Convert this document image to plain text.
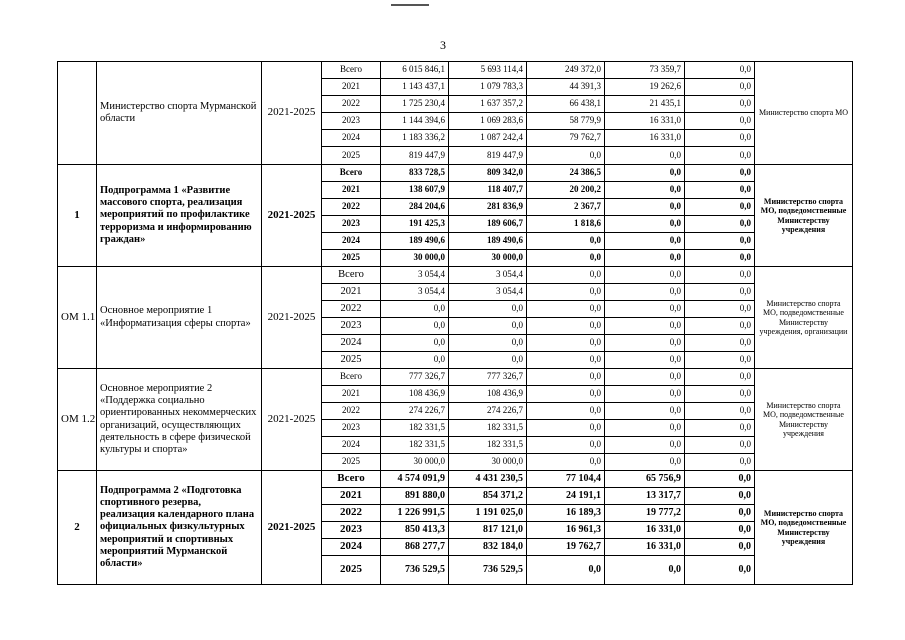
3
	Министерство спорта Мурманской области	2021-2025	Всего	6 015 846,1	5 693 114,4	249 372,0	73 359,7	0,0	Министерство спорта МО
			2021	1 143 437,1	1 079 783,3	44 391,3	19 262,6	0,0	
			2022	1 725 230,4	1 637 357,2	66 438,1	21 435,1	0,0	
			2023	1 144 394,6	1 069 283,6	58 779,9	16 331,0	0,0	
			2024	1 183 336,2	1 087 242,4	79 762,7	16 331,0	0,0	
			2025	819 447,9	819 447,9	0,0	0,0	0,0	
1	Подпрограмма 1 «Развитие массового спорта, реализация мероприятий по профилактике терроризма и информированию граждан»	2021-2025	Всего	833 728,5	809 342,0	24 386,5	0,0	0,0	Министерство спорта МО, подведомственные Министерству учреждения
			2021	138 607,9	118 407,7	20 200,2	0,0	0,0	
			2022	284 204,6	281 836,9	2 367,7	0,0	0,0	
			2023	191 425,3	189 606,7	1 818,6	0,0	0,0	
			2024	189 490,6	189 490,6	0,0	0,0	0,0	
			2025	30 000,0	30 000,0	0,0	0,0	0,0	
ОМ 1.1	Основное мероприятие 1 «Информатизация сферы спорта»	2021-2025	Всего	3 054,4	3 054,4	0,0	0,0	0,0	Министерство спорта МО, подведомственные Министерству учреждения, организации
			2021	3 054,4	3 054,4	0,0	0,0	0,0	
			2022	0,0	0,0	0,0	0,0	0,0	
			2023	0,0	0,0	0,0	0,0	0,0	
			2024	0,0	0,0	0,0	0,0	0,0	
			2025	0,0	0,0	0,0	0,0	0,0	
ОМ 1.2	Основное мероприятие 2 «Поддержка социально ориентированных некоммерческих организаций, осуществляющих деятельность в сфере физической культуры и спорта»	2021-2025	Всего	777 326,7	777 326,7	0,0	0,0	0,0	Министерство спорта МО, подведомственные Министерству учреждения
			2021	108 436,9	108 436,9	0,0	0,0	0,0	
			2022	274 226,7	274 226,7	0,0	0,0	0,0	
			2023	182 331,5	182 331,5	0,0	0,0	0,0	
			2024	182 331,5	182 331,5	0,0	0,0	0,0	
			2025	30 000,0	30 000,0	0,0	0,0	0,0	
2	Подпрограмма 2 «Подготовка спортивного резерва, реализация календарного плана официальных физкультурных мероприятий и спортивных мероприятий Мурманской области»	2021-2025	Всего	4 574 091,9	4 431 230,5	77 104,4	65 756,9	0,0	Министерство спорта МО, подведомственные Министерству учреждения
			2021	891 880,0	854 371,2	24 191,1	13 317,7	0,0	
			2022	1 226 991,5	1 191 025,0	16 189,3	19 777,2	0,0	
			2023	850 413,3	817 121,0	16 961,3	16 331,0	0,0	
			2024	868 277,7	832 184,0	19 762,7	16 331,0	0,0	
			2025	736 529,5	736 529,5	0,0	0,0	0,0	
